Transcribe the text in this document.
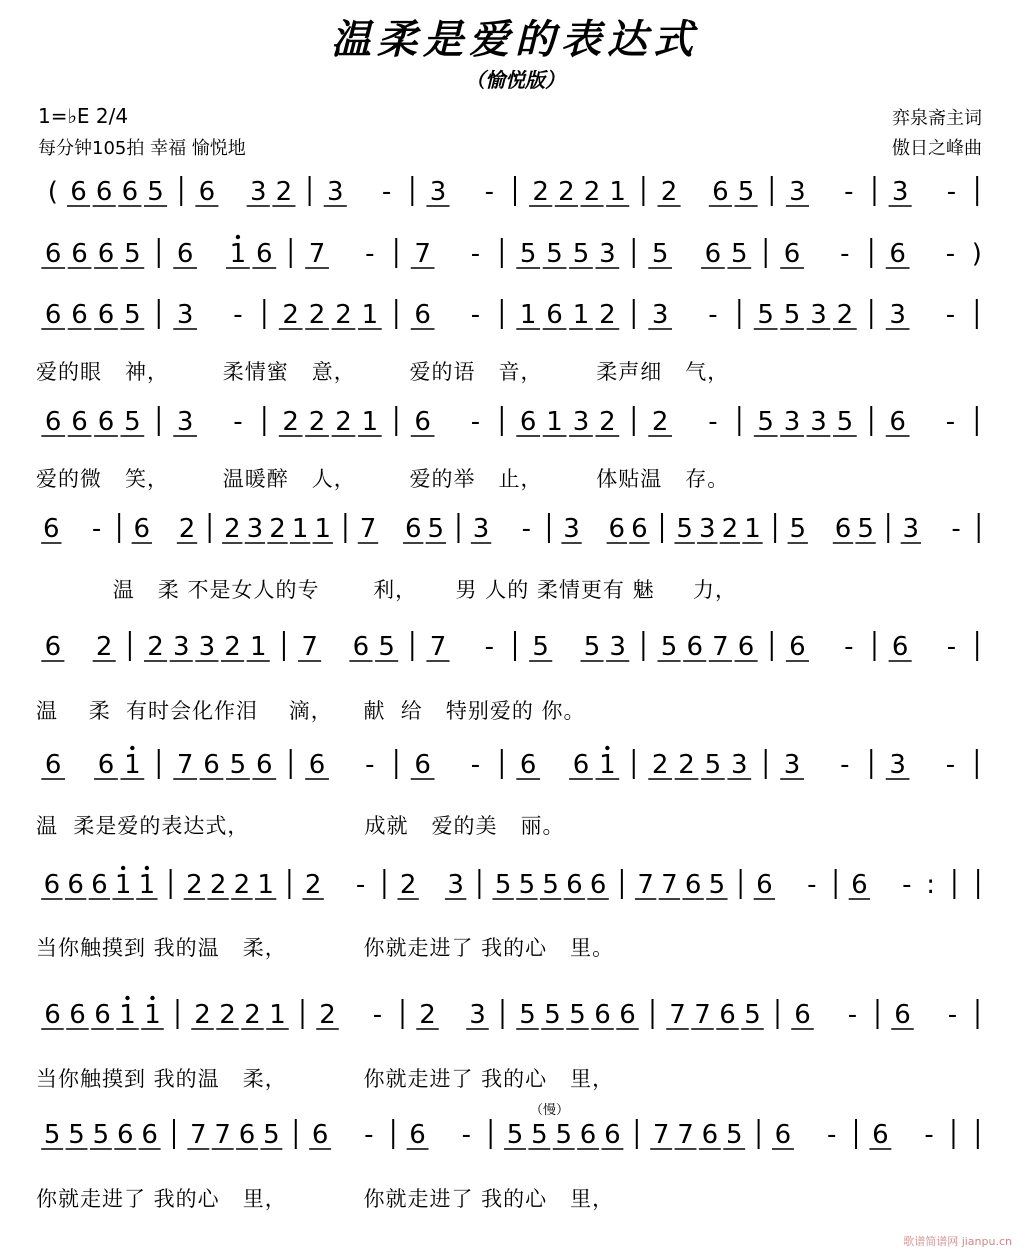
温柔是爱的表达式
（愉悦版）
1=♭E 2/4
每分钟105拍 幸福 愉悦地
弈泉斋主词
傲日之峰曲
( 6 6 6 5 6 3 2 3 - 3 - 2 2 2 1 2 6 5 3 - 3 -
6 6 6 5 6 1 6 7 - 7 - 5 5 5 3 5 6 5 6 - 6 - )
6 6 6 5 3 - 2 2 2 1 6 - 1 6 1 2 3 - 5 5 3 2 3 -
6 6 6 5 3 - 2 2 2 1 6 - 6 1 3 2 2 - 5 3 3 5 6 -
6 - 6 2 2 3 2 1 1 7 6 5 3 - 3 6 6 5 3 2 1 5 6 5 3 -
6 2 2 3 3 2 1 7 6 5 7 - 5 5 3 5 6 7 6 6 - 6 -
6 6 1 7 6 5 6 6 - 6 - 6 6 1 2 2 5 3 3 - 3 -
6 6 6 1 1 2 2 2 1 2 - 2 3 5 5 5 6 6 7 7 6 5 6 - 6 - :
6 6 6 1 1 2 2 2 1 2 - 2 3 5 5 5 6 6 7 7 6 5 6 - 6 -
5 5 5 6 6 7 7 6 5 6 - 6 - 5 5 5 6 6 7 7 6 5 6 - 6 -
（慢）
爱的眼   神，       柔情蜜   意，       爱的语   音，       柔声细   气，
爱的微   笑，       温暖醉   人，       爱的举   止，       体贴温   存。
温   柔 不是女人的专       利，     男 人的 柔情更有 魅     力，
温    柔  有时会化作泪    滴，    献  给   特别爱的 你。
温  柔是爱的表达式，               成就   爱的美   丽。
当你触摸到 我的温   柔，          你就走进了 我的心   里。
当你触摸到 我的温   柔，          你就走进了 我的心   里，
你就走进了 我的心   里，          你就走进了 我的心   里，
歌谱简谱网 jianpu.cn
